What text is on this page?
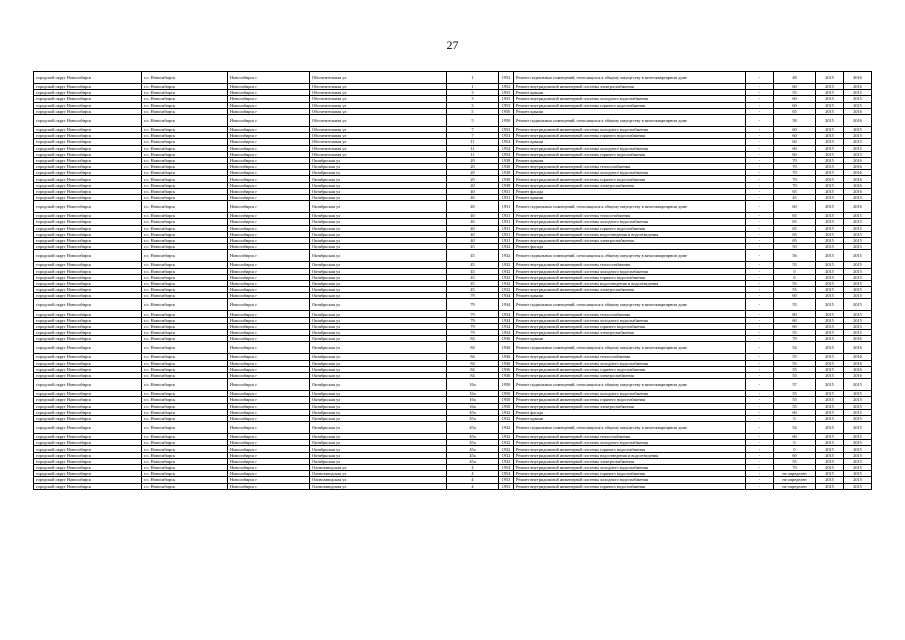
27
городской округ Новосибирск	г.о. Новосибирск	Новосибирск г	Обогатительная ул	1	1952	Ремонт подвальных помещений, относящихся к общему имуществу в многоквартирном доме	-	48	2015	2016
городской округ Новосибирск	г.о. Новосибирск	Новосибирск г	Обогатительная ул	1	1952	Ремонт внутридомовой инженерной системы электроснабжения	-	60	2015	2016
городской округ Новосибирск	г.о. Новосибирск	Новосибирск г	Обогатительная ул	3	1953	Ремонт крыши	-	55	2015	2015
городской округ Новосибирск	г.о. Новосибирск	Новосибирск г	Обогатительная ул	3	1953	Ремонт внутридомовой инженерной системы холодного водоснабжения	-	60	2015	2015
городской округ Новосибирск	г.о. Новосибирск	Новосибирск г	Обогатительная ул	3	1953	Ремонт внутридомовой инженерной системы горячего водоснабжения	-	60	2015	2015
городской округ Новосибирск	г.о. Новосибирск	Новосибирск г	Обогатительная ул	5	1950	Ремонт крыши	-	65	2015	2016
городской округ Новосибирск	г.о. Новосибирск	Новосибирск г	Обогатительная ул	5	1950	Ремонт подвальных помещений, относящихся к общему имуществу в многоквартирном доме	-	58	2015	2016
городской округ Новосибирск	г.о. Новосибирск	Новосибирск г	Обогатительная ул	7	1953	Ремонт внутридомовой инженерной системы холодного водоснабжения	-	60	2015	2015
городской округ Новосибирск	г.о. Новосибирск	Новосибирск г	Обогатительная ул	7	1953	Ремонт внутридомовой инженерной системы горячего водоснабжения	-	60	2015	2015
городской округ Новосибирск	г.о. Новосибирск	Новосибирск г	Обогатительная ул	11	1954	Ремонт крыши	-	60	2015	2015
городской округ Новосибирск	г.о. Новосибирск	Новосибирск г	Обогатительная ул	11	1954	Ремонт внутридомовой инженерной системы холодного водоснабжения	-	60	2015	2015
городской округ Новосибирск	г.о. Новосибирск	Новосибирск г	Обогатительная ул	11	1954	Ремонт внутридомовой инженерной системы горячего водоснабжения	-	60	2015	2015
городской округ Новосибирск	г.о. Новосибирск	Новосибирск г	Октябрьская ул	20	1938	Ремонт крыши	-	70	2015	2016
городской округ Новосибирск	г.о. Новосибирск	Новосибирск г	Октябрьская ул	20	1938	Ремонт внутридомовой инженерной системы теплоснабжения	-	70	2015	2016
городской округ Новосибирск	г.о. Новосибирск	Новосибирск г	Октябрьская ул	20	1938	Ремонт внутридомовой инженерной системы холодного водоснабжения	-	70	2015	2016
городской округ Новосибирск	г.о. Новосибирск	Новосибирск г	Октябрьская ул	20	1938	Ремонт внутридомовой инженерной системы горячего водоснабжения	-	70	2015	2016
городской округ Новосибирск	г.о. Новосибирск	Новосибирск г	Октябрьская ул	20	1938	Ремонт внутридомовой инженерной системы электроснабжения	-	70	2015	2016
городской округ Новосибирск	г.о. Новосибирск	Новосибирск г	Октябрьская ул	40	1931	Ремонт фасада	-	65	2015	2016
городской округ Новосибирск	г.о. Новосибирск	Новосибирск г	Октябрьская ул	40	1931	Ремонт крыши	-	45	2015	2015
городской округ Новосибирск	г.о. Новосибирск	Новосибирск г	Октябрьская ул	40	1931	Ремонт подвальных помещений, относящихся к общему имуществу в многоквартирном доме	-	60	2015	2016
городской округ Новосибирск	г.о. Новосибирск	Новосибирск г	Октябрьская ул	40	1931	Ремонт внутридомовой инженерной системы теплоснабжения	-	65	2015	2015
городской округ Новосибирск	г.о. Новосибирск	Новосибирск г	Октябрьская ул	40	1931	Ремонт внутридомовой инженерной системы холодного водоснабжения	-	65	2015	2015
городской округ Новосибирск	г.о. Новосибирск	Новосибирск г	Октябрьская ул	40	1931	Ремонт внутридомовой инженерной системы горячего водоснабжения	-	65	2015	2015
городской округ Новосибирск	г.о. Новосибирск	Новосибирск г	Октябрьская ул	40	1931	Ремонт внутридомовой инженерной системы водоотведения и водоотведения	-	65	2015	2015
городской округ Новосибирск	г.о. Новосибирск	Новосибирск г	Октябрьская ул	40	1931	Ремонт внутридомовой инженерной системы электроснабжения	-	65	2015	2015
городской округ Новосибирск	г.о. Новосибирск	Новосибирск г	Октябрьская ул	45	1932	Ремонт фасада	-	50	2015	2015
городской округ Новосибирск	г.о. Новосибирск	Новосибирск г	Октябрьская ул	45	1932	Ремонт подвальных помещений, относящихся к общему имуществу в многоквартирном доме	-	56	2015	2015
городской округ Новосибирск	г.о. Новосибирск	Новосибирск г	Октябрьская ул	45	1932	Ремонт внутридомовой инженерной системы теплоснабжения	-	55	2015	2015
городской округ Новосибирск	г.о. Новосибирск	Новосибирск г	Октябрьская ул	45	1932	Ремонт внутридомовой инженерной системы холодного водоснабжения	-	0	2015	2015
городской округ Новосибирск	г.о. Новосибирск	Новосибирск г	Октябрьская ул	45	1932	Ремонт внутридомовой инженерной системы горячего водоснабжения	-	0	2015	2015
городской округ Новосибирск	г.о. Новосибирск	Новосибирск г	Октябрьская ул	45	1932	Ремонт внутридомовой инженерной системы водоотведения и водоотведения	-	55	2015	2015
городской округ Новосибирск	г.о. Новосибирск	Новосибирск г	Октябрьская ул	45	1932	Ремонт внутридомовой инженерной системы электроснабжения	-	55	2015	2015
городской округ Новосибирск	г.о. Новосибирск	Новосибирск г	Октябрьская ул	79	1934	Ремонт крыши	-	60	2015	2015
городской округ Новосибирск	г.о. Новосибирск	Новосибирск г	Октябрьская ул	79	1934	Ремонт подвальных помещений, относящихся к общему имуществу в многоквартирном доме	-	55	2015	2015
городской округ Новосибирск	г.о. Новосибирск	Новосибирск г	Октябрьская ул	79	1934	Ремонт внутридомовой инженерной системы теплоснабжения	-	80	2015	2015
городской округ Новосибирск	г.о. Новосибирск	Новосибирск г	Октябрьская ул	79	1934	Ремонт внутридомовой инженерной системы холодного водоснабжения	-	60	2015	2015
городской округ Новосибирск	г.о. Новосибирск	Новосибирск г	Октябрьская ул	79	1934	Ремонт внутридомовой инженерной системы горячего водоснабжения	-	60	2015	2015
городской округ Новосибирск	г.о. Новосибирск	Новосибирск г	Октябрьская ул	79	1934	Ремонт внутридомовой инженерной системы электроснабжения	-	55	2015	2015
городской округ Новосибирск	г.о. Новосибирск	Новосибирск г	Октябрьская ул	84	1936	Ремонт крыши	-	70	2015	2016
городской округ Новосибирск	г.о. Новосибирск	Новосибирск г	Октябрьская ул	84	1936	Ремонт подвальных помещений, относящихся к общему имуществу в многоквартирном доме	-	54	2015	2016
городской округ Новосибирск	г.о. Новосибирск	Новосибирск г	Октябрьская ул	84	1936	Ремонт внутридомовой инженерной системы теплоснабжения	-	55	2015	2016
городской округ Новосибирск	г.о. Новосибирск	Новосибирск г	Октябрьская ул	84	1936	Ремонт внутридомовой инженерной системы холодного водоснабжения	-	55	2015	2016
городской округ Новосибирск	г.о. Новосибирск	Новосибирск г	Октябрьская ул	84	1936	Ремонт внутридомовой инженерной системы горячего водоснабжения	-	55	2015	2016
городской округ Новосибирск	г.о. Новосибирск	Новосибирск г	Октябрьская ул	84	1936	Ремонт внутридомовой инженерной системы электроснабжения	-	55	2015	2016
городской округ Новосибирск	г.о. Новосибирск	Новосибирск г	Октябрьская ул	16а	1950	Ремонт подвальных помещений, относящихся к общему имуществу в многоквартирном доме	-	57	2015	2015
городской округ Новосибирск	г.о. Новосибирск	Новосибирск г	Октябрьская ул	16а	1950	Ремонт внутридомовой инженерной системы холодного водоснабжения	-	55	2015	2015
городской округ Новосибирск	г.о. Новосибирск	Новосибирск г	Октябрьская ул	16а	1950	Ремонт внутридомовой инженерной системы горячего водоснабжения	-	55	2015	2015
городской округ Новосибирск	г.о. Новосибирск	Новосибирск г	Октябрьская ул	16а	1950	Ремонт внутридомовой инженерной системы электроснабжения	-	55	2015	2015
городской округ Новосибирск	г.о. Новосибирск	Новосибирск г	Октябрьская ул	45а	1932	Ремонт фасада	-	60	2015	2015
городской округ Новосибирск	г.о. Новосибирск	Новосибирск г	Октябрьская ул	45а	1932	Ремонт крыши	-	0	2015	2015
городской округ Новосибирск	г.о. Новосибирск	Новосибирск г	Октябрьская ул	45а	1932	Ремонт подвальных помещений, относящихся к общему имуществу в многоквартирном доме	-	54	2015	2015
городской округ Новосибирск	г.о. Новосибирск	Новосибирск г	Октябрьская ул	45а	1932	Ремонт внутридомовой инженерной системы теплоснабжения	-	60	2015	2015
городской округ Новосибирск	г.о. Новосибирск	Новосибирск г	Октябрьская ул	45а	1932	Ремонт внутридомовой инженерной системы холодного водоснабжения	-	0	2015	2015
городской округ Новосибирск	г.о. Новосибирск	Новосибирск г	Октябрьская ул	45а	1932	Ремонт внутридомовой инженерной системы горячего водоснабжения	-	0	2015	2015
городской округ Новосибирск	г.о. Новосибирск	Новосибирск г	Октябрьская ул	45а	1932	Ремонт внутридомовой инженерной системы водоотведения и водоотведения	-	60	2015	2015
городской округ Новосибирск	г.о. Новосибирск	Новосибирск г	Октябрьская ул	45а	1932	Ремонт внутридомовой инженерной системы электроснабжения	-	55	2015	2015
городской округ Новосибирск	г.о. Новосибирск	Новосибирск г	Оловозаводская ул	4	1954	Ремонт внутридомовой инженерной системы холодного водоснабжения	-	70	2015	2015
городской округ Новосибирск	г.о. Новосибирск	Новосибирск г	Оловозаводская ул	4	1954	Ремонт внутридомовой инженерной системы горячего водоснабжения	-	не определен	2015	2015
городской округ Новосибирск	г.о. Новосибирск	Новосибирск г	Оловозаводская ул	4	1953	Ремонт внутридомовой инженерной системы холодного водоснабжения	-	не определен	2015	2015
городской округ Новосибирск	г.о. Новосибирск	Новосибирск г	Оловозаводская ул	4	1953	Ремонт внутридомовой инженерной системы горячего водоснабжения	-	не определен	2015	2015
